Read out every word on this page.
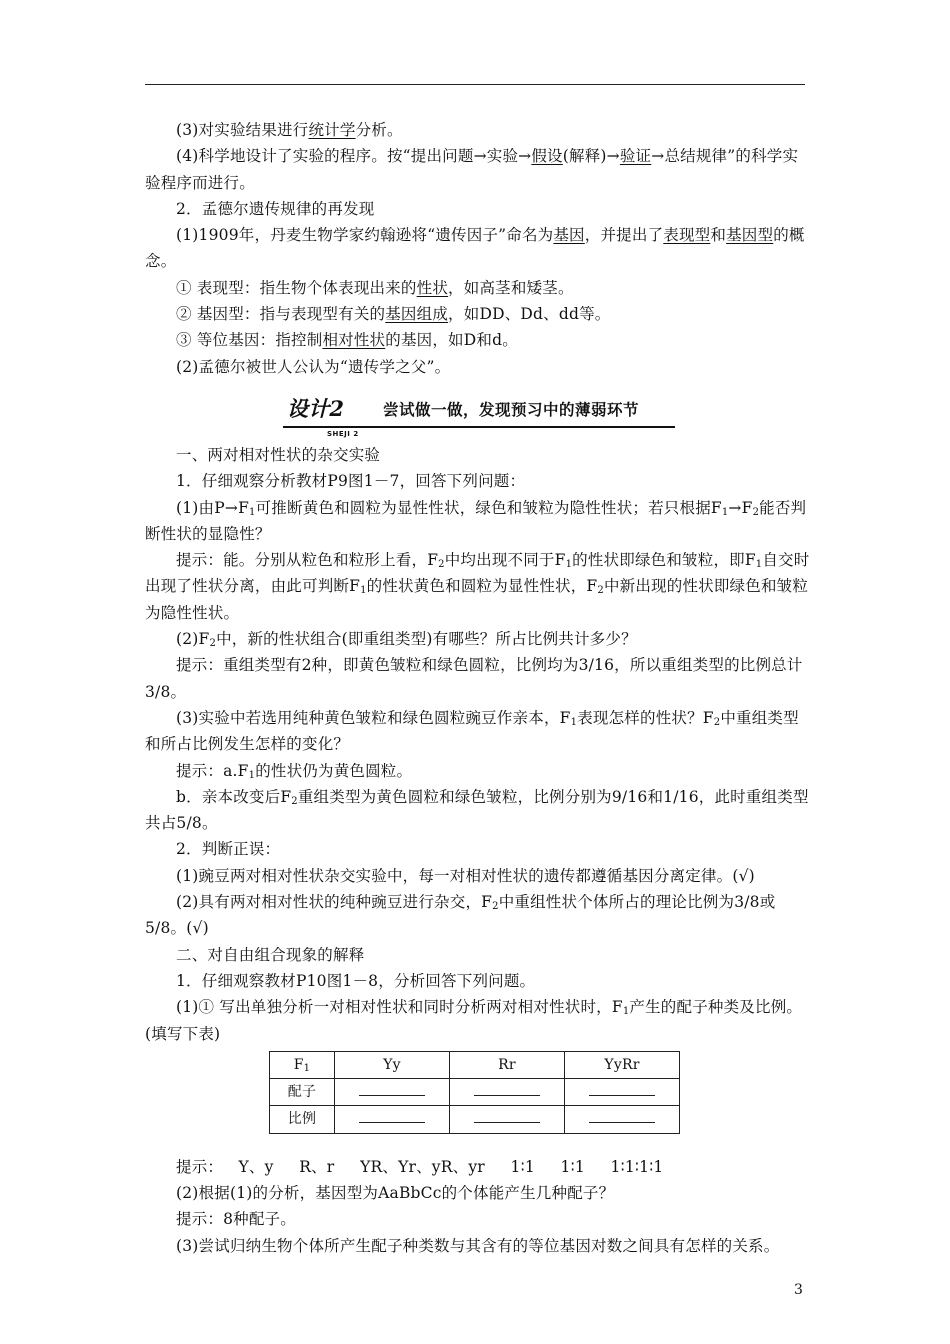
(3)对实验结果进行统计学分析。

(4)科学地设计了实验的程序。按“提出问题→实验→假设(解释)→验证→总结规律”的科学实验程序而进行。

2．孟德尔遗传规律的再发现

(1)1909年，丹麦生物学家约翰逊将“遗传因子”命名为基因，并提出了表现型和基因型的概念。

① 表现型：指生物个体表现出来的性状，如高茎和矮茎。

② 基因型：指与表现型有关的基因组成，如DD、Dd、dd等。

③ 等位基因：指控制相对性状的基因，如D和d。

(2)孟德尔被世人公认为“遗传学之父”。

设计2
SHEJI 2
尝试做一做，发现预习中的薄弱环节

一、两对相对性状的杂交实验

1．仔细观察分析教材P9图1－7，回答下列问题：

(1)由$P\to F_1$可推断黄色和圆粒为显性性状，绿色和皱粒为隐性性状；若只根据$F_1\to F_2$能否判断性状的显隐性？

提示：能。分别从粒色和粒形上看，$F_2$中均出现不同于$F_1$的性状即绿色和皱粒，即$F_1$自交时出现了性状分离，由此可判断$F_1$的性状黄色和圆粒为显性性状，$F_2$中新出现的性状即绿色和皱粒为隐性性状。

$(2)F_2$中，新的性状组合(即重组类型)有哪些？所占比例共计多少？

提示：重组类型有2种，即黄色皱粒和绿色圆粒，比例均为3/16，所以重组类型的比例总计3/8。

(3)实验中若选用纯种黄色皱粒和绿色圆粒豌豆作亲本，$F_1$表现怎样的性状？$F_2$中重组类型和所占比例发生怎样的变化？

提示：$a.F_1$的性状仍为黄色圆粒。

b．亲本改变后$F_2$重组类型为黄色圆粒和绿色皱粒，比例分别为9/16和1/16，此时重组类型共占5/8。

2．判断正误：

(1)豌豆两对相对性状杂交实验中，每一对相对性状的遗传都遵循基因分离定律。(√)

(2)具有两对相对性状的纯种豌豆进行杂交，$F_2$中重组性状个体所占的理论比例为3/8或5/8。(√)

二、对自由组合现象的解释

1．仔细观察教材P10图1－8，分析回答下列问题。

(1)① 写出单独分析一对相对性状和同时分析两对相对性状时，$F_1$产生的配子种类及比例。(填写下表)

$F_1$	Yy	Rr	YyRr
配子			
比例			

提示： Y、y R、r YR、Yr、yR、yr 1∶1 1∶1 1∶1∶1∶1

(2)根据(1)的分析，基因型为AaBbCc的个体能产生几种配子？

提示：8种配子。

(3)尝试归纳生物个体所产生配子种类数与其含有的等位基因对数之间具有怎样的关系。

3
